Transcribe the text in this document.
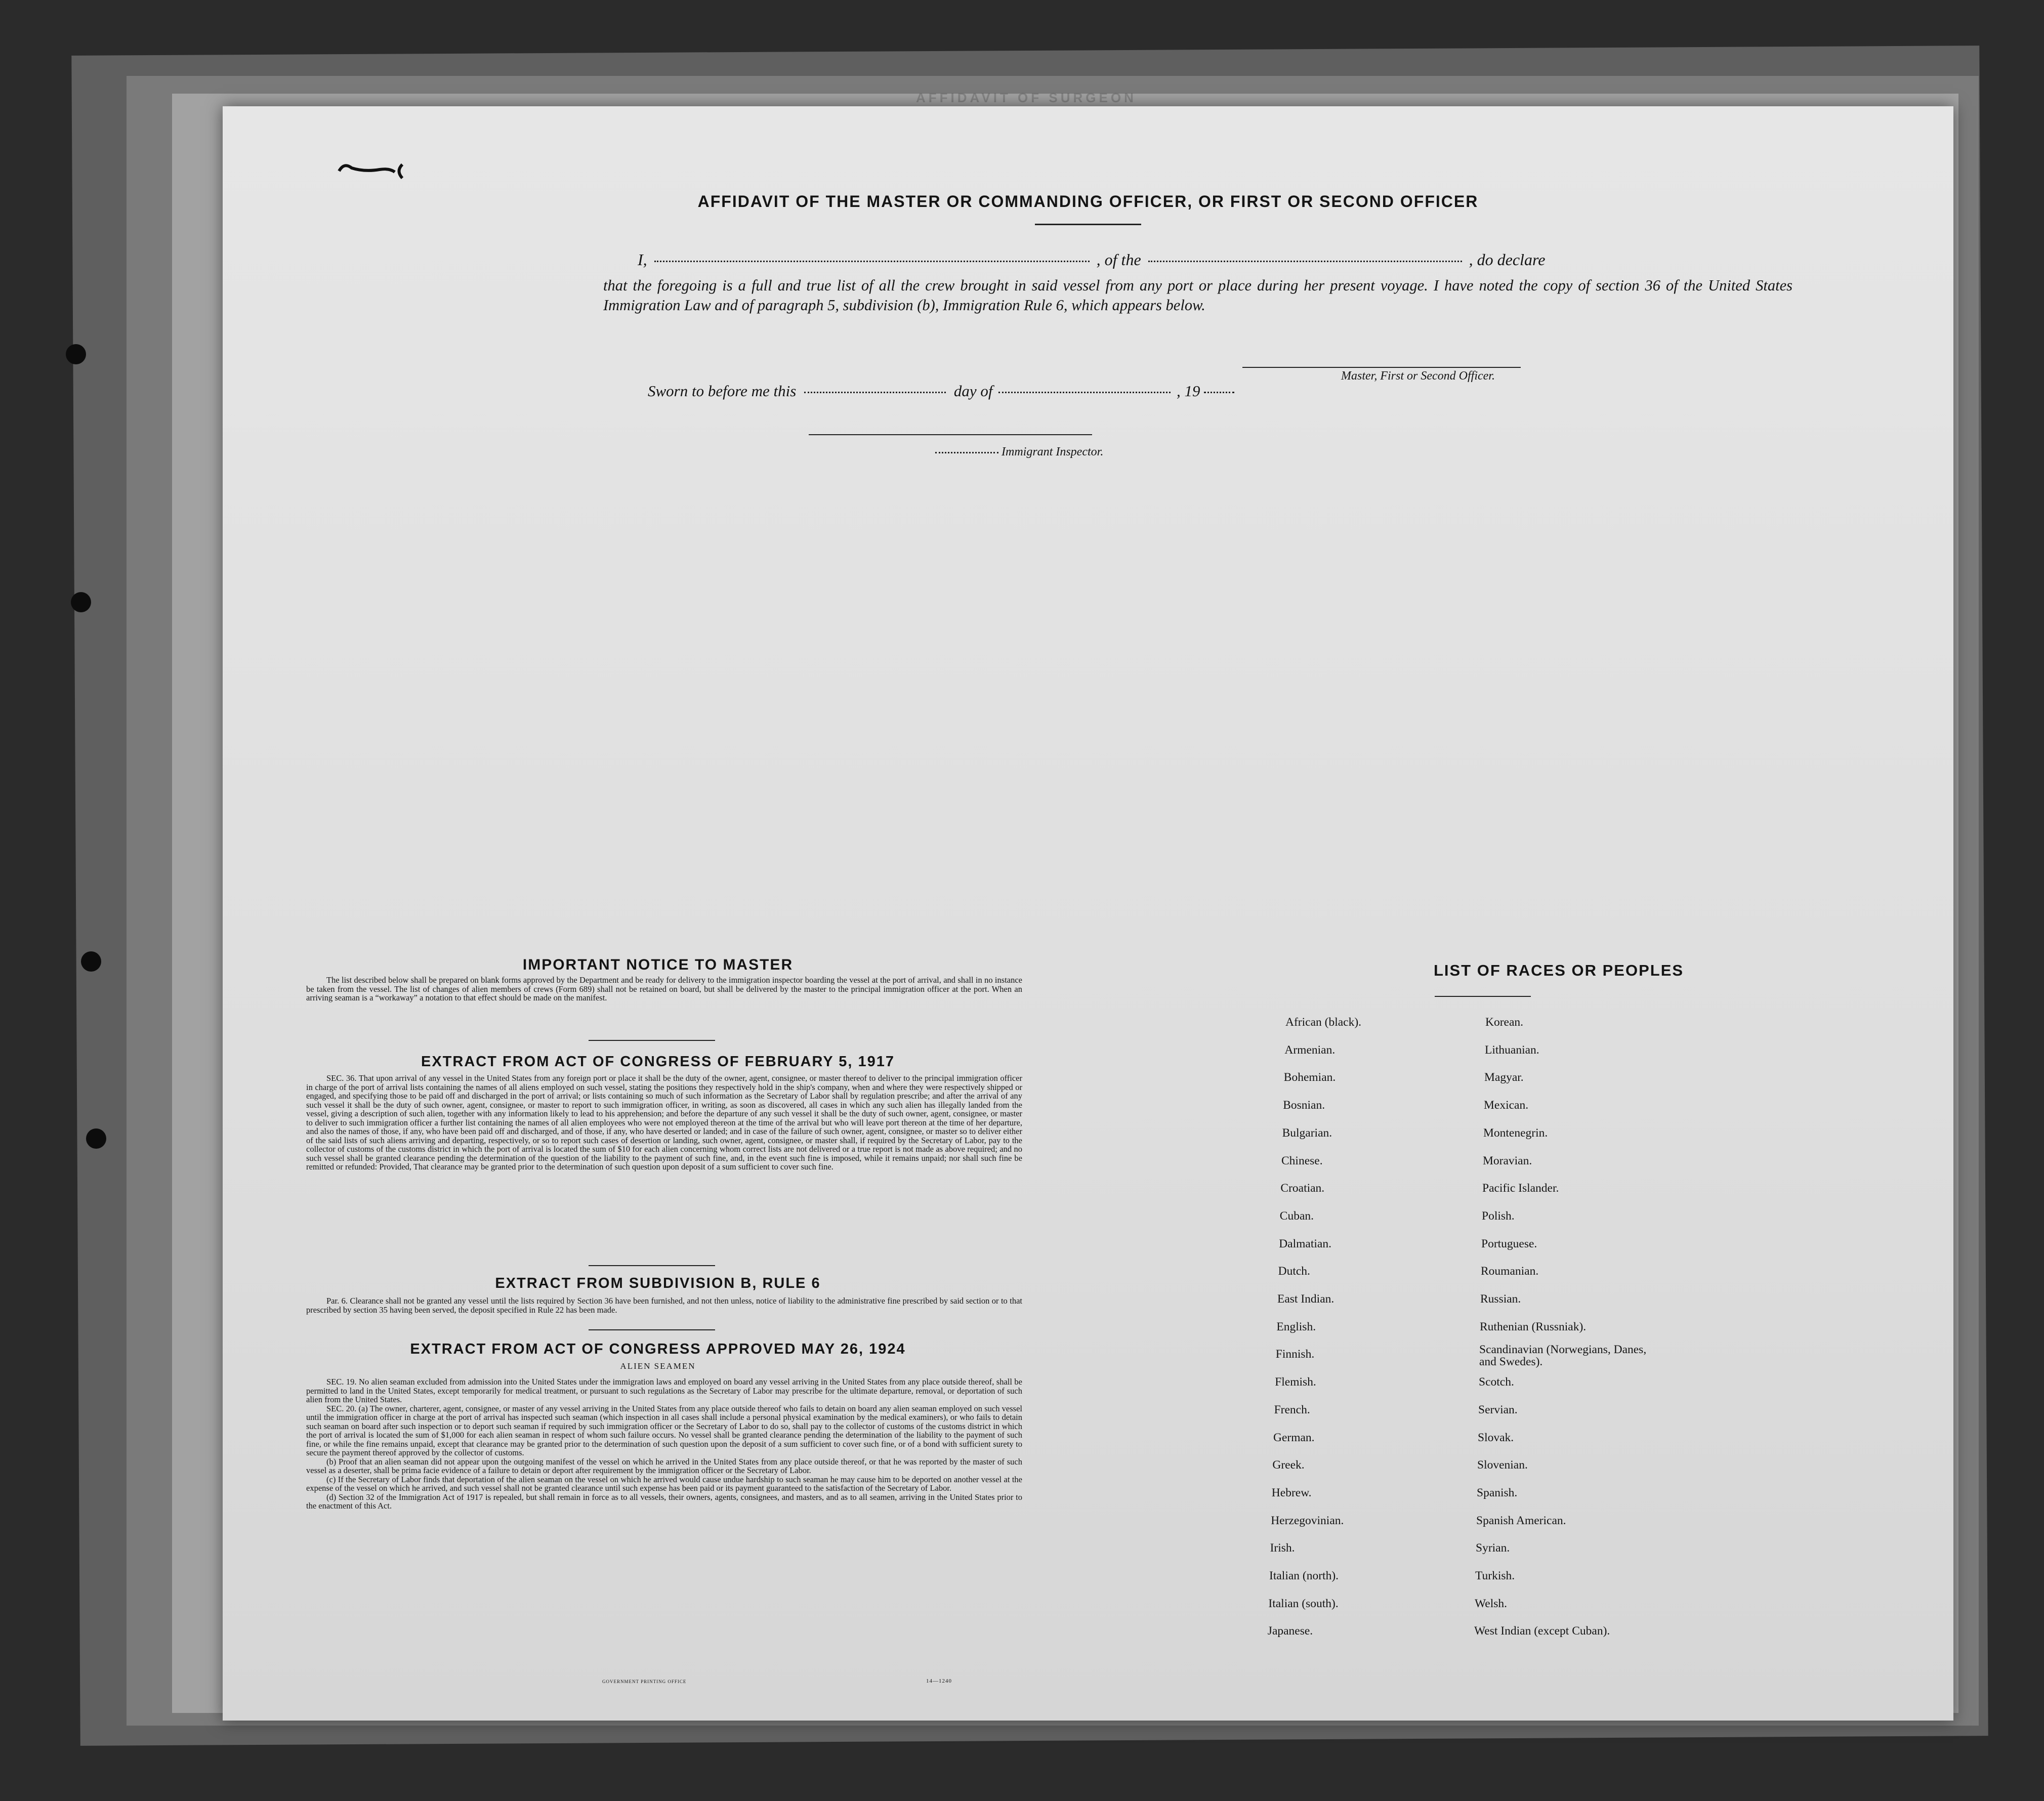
AFFIDAVIT OF SURGEON
AFFIDAVIT OF THE MASTER OR COMMANDING OFFICER, OR FIRST OR SECOND OFFICER
I,	, of the	, do declare
that the foregoing is a full and true list of all the crew brought in said vessel from any port or place during her present voyage. I have noted the copy of section 36 of the United States Immigration Law and of paragraph 5, subdivision (b), Immigration Rule 6, which appears below.
Master, First or Second Officer.
Sworn to before me this	day of	, 19
Immigrant Inspector.
IMPORTANT NOTICE TO MASTER

The list described below shall be prepared on blank forms approved by the Department and be ready for delivery to the immigration inspector boarding the vessel at the port of arrival, and shall in no instance be taken from the vessel. The list of changes of alien members of crews (Form 689) shall not be retained on board, but shall be delivered by the master to the principal immigration officer at the port. When an arriving seaman is a “workaway” a notation to that effect should be made on the manifest.

EXTRACT FROM ACT OF CONGRESS OF FEBRUARY 5, 1917

SEC. 36. That upon arrival of any vessel in the United States from any foreign port or place it shall be the duty of the owner, agent, consignee, or master thereof to deliver to the principal immigration officer in charge of the port of arrival lists containing the names of all aliens employed on such vessel, stating the positions they respectively hold in the ship's company, when and where they were respectively shipped or engaged, and specifying those to be paid off and discharged in the port of arrival; or lists containing so much of such information as the Secretary of Labor shall by regulation prescribe; and after the arrival of any such vessel it shall be the duty of such owner, agent, consignee, or master to report to such immigration officer, in writing, as soon as discovered, all cases in which any such alien has illegally landed from the vessel, giving a description of such alien, together with any information likely to lead to his apprehension; and before the departure of any such vessel it shall be the duty of such owner, agent, consignee, or master to deliver to such immigration officer a further list containing the names of all alien employees who were not employed thereon at the time of the arrival but who will leave port thereon at the time of her departure, and also the names of those, if any, who have been paid off and discharged, and of those, if any, who have deserted or landed; and in case of the failure of such owner, agent, consignee, or master so to deliver either of the said lists of such aliens arriving and departing, respectively, or so to report such cases of desertion or landing, such owner, agent, consignee, or master shall, if required by the Secretary of Labor, pay to the collector of customs of the customs district in which the port of arrival is located the sum of $10 for each alien concerning whom correct lists are not delivered or a true report is not made as above required; and no such vessel shall be granted clearance pending the determination of the question of the liability to the payment of such fine, and, in the event such fine is imposed, while it remains unpaid; nor shall such fine be remitted or refunded: Provided, That clearance may be granted prior to the determination of such question upon deposit of a sum sufficient to cover such fine.

EXTRACT FROM SUBDIVISION B, RULE 6

Par. 6. Clearance shall not be granted any vessel until the lists required by Section 36 have been furnished, and not then unless, notice of liability to the administrative fine prescribed by said section or to that prescribed by section 35 having been served, the deposit specified in Rule 22 has been made.

EXTRACT FROM ACT OF CONGRESS APPROVED MAY 26, 1924
ALIEN SEAMEN

SEC. 19. No alien seaman excluded from admission into the United States under the immigration laws and employed on board any vessel arriving in the United States from any place outside thereof, shall be permitted to land in the United States, except temporarily for medical treatment, or pursuant to such regulations as the Secretary of Labor may prescribe for the ultimate departure, removal, or deportation of such alien from the United States.

SEC. 20. (a) The owner, charterer, agent, consignee, or master of any vessel arriving in the United States from any place outside thereof who fails to detain on board any alien seaman employed on such vessel until the immigration officer in charge at the port of arrival has inspected such seaman (which inspection in all cases shall include a personal physical examination by the medical examiners), or who fails to detain such seaman on board after such inspection or to deport such seaman if required by such immigration officer or the Secretary of Labor to do so, shall pay to the collector of customs of the customs district in which the port of arrival is located the sum of $1,000 for each alien seaman in respect of whom such failure occurs. No vessel shall be granted clearance pending the determination of the liability to the payment of such fine, or while the fine remains unpaid, except that clearance may be granted prior to the determination of such question upon the deposit of a sum sufficient to cover such fine, or of a bond with sufficient surety to secure the payment thereof approved by the collector of customs.

(b) Proof that an alien seaman did not appear upon the outgoing manifest of the vessel on which he arrived in the United States from any place outside thereof, or that he was reported by the master of such vessel as a deserter, shall be prima facie evidence of a failure to detain or deport after requirement by the immigration officer or the Secretary of Labor.

(c) If the Secretary of Labor finds that deportation of the alien seaman on the vessel on which he arrived would cause undue hardship to such seaman he may cause him to be deported on another vessel at the expense of the vessel on which he arrived, and such vessel shall not be granted clearance until such expense has been paid or its payment guaranteed to the satisfaction of the Secretary of Labor.

(d) Section 32 of the Immigration Act of 1917 is repealed, but shall remain in force as to all vessels, their owners, agents, consignees, and masters, and as to all seamen, arriving in the United States prior to the enactment of this Act.

GOVERNMENT PRINTING OFFICE	14—1240
LIST OF RACES OR PEOPLES
African (black).
Armenian.
Bohemian.
Bosnian.
Bulgarian.
Chinese.
Croatian.
Cuban.
Dalmatian.
Dutch.
East Indian.
English.
Finnish.
Flemish.
French.
German.
Greek.
Hebrew.
Herzegovinian.
Irish.
Italian (north).
Italian (south).
Japanese.
Korean.
Lithuanian.
Magyar.
Mexican.
Montenegrin.
Moravian.
Pacific Islander.
Polish.
Portuguese.
Roumanian.
Russian.
Ruthenian (Russniak).
Scandinavian (Norwegians, Danes, and Swedes).
Scotch.
Servian.
Slovak.
Slovenian.
Spanish.
Spanish American.
Syrian.
Turkish.
Welsh.
West Indian (except Cuban).
